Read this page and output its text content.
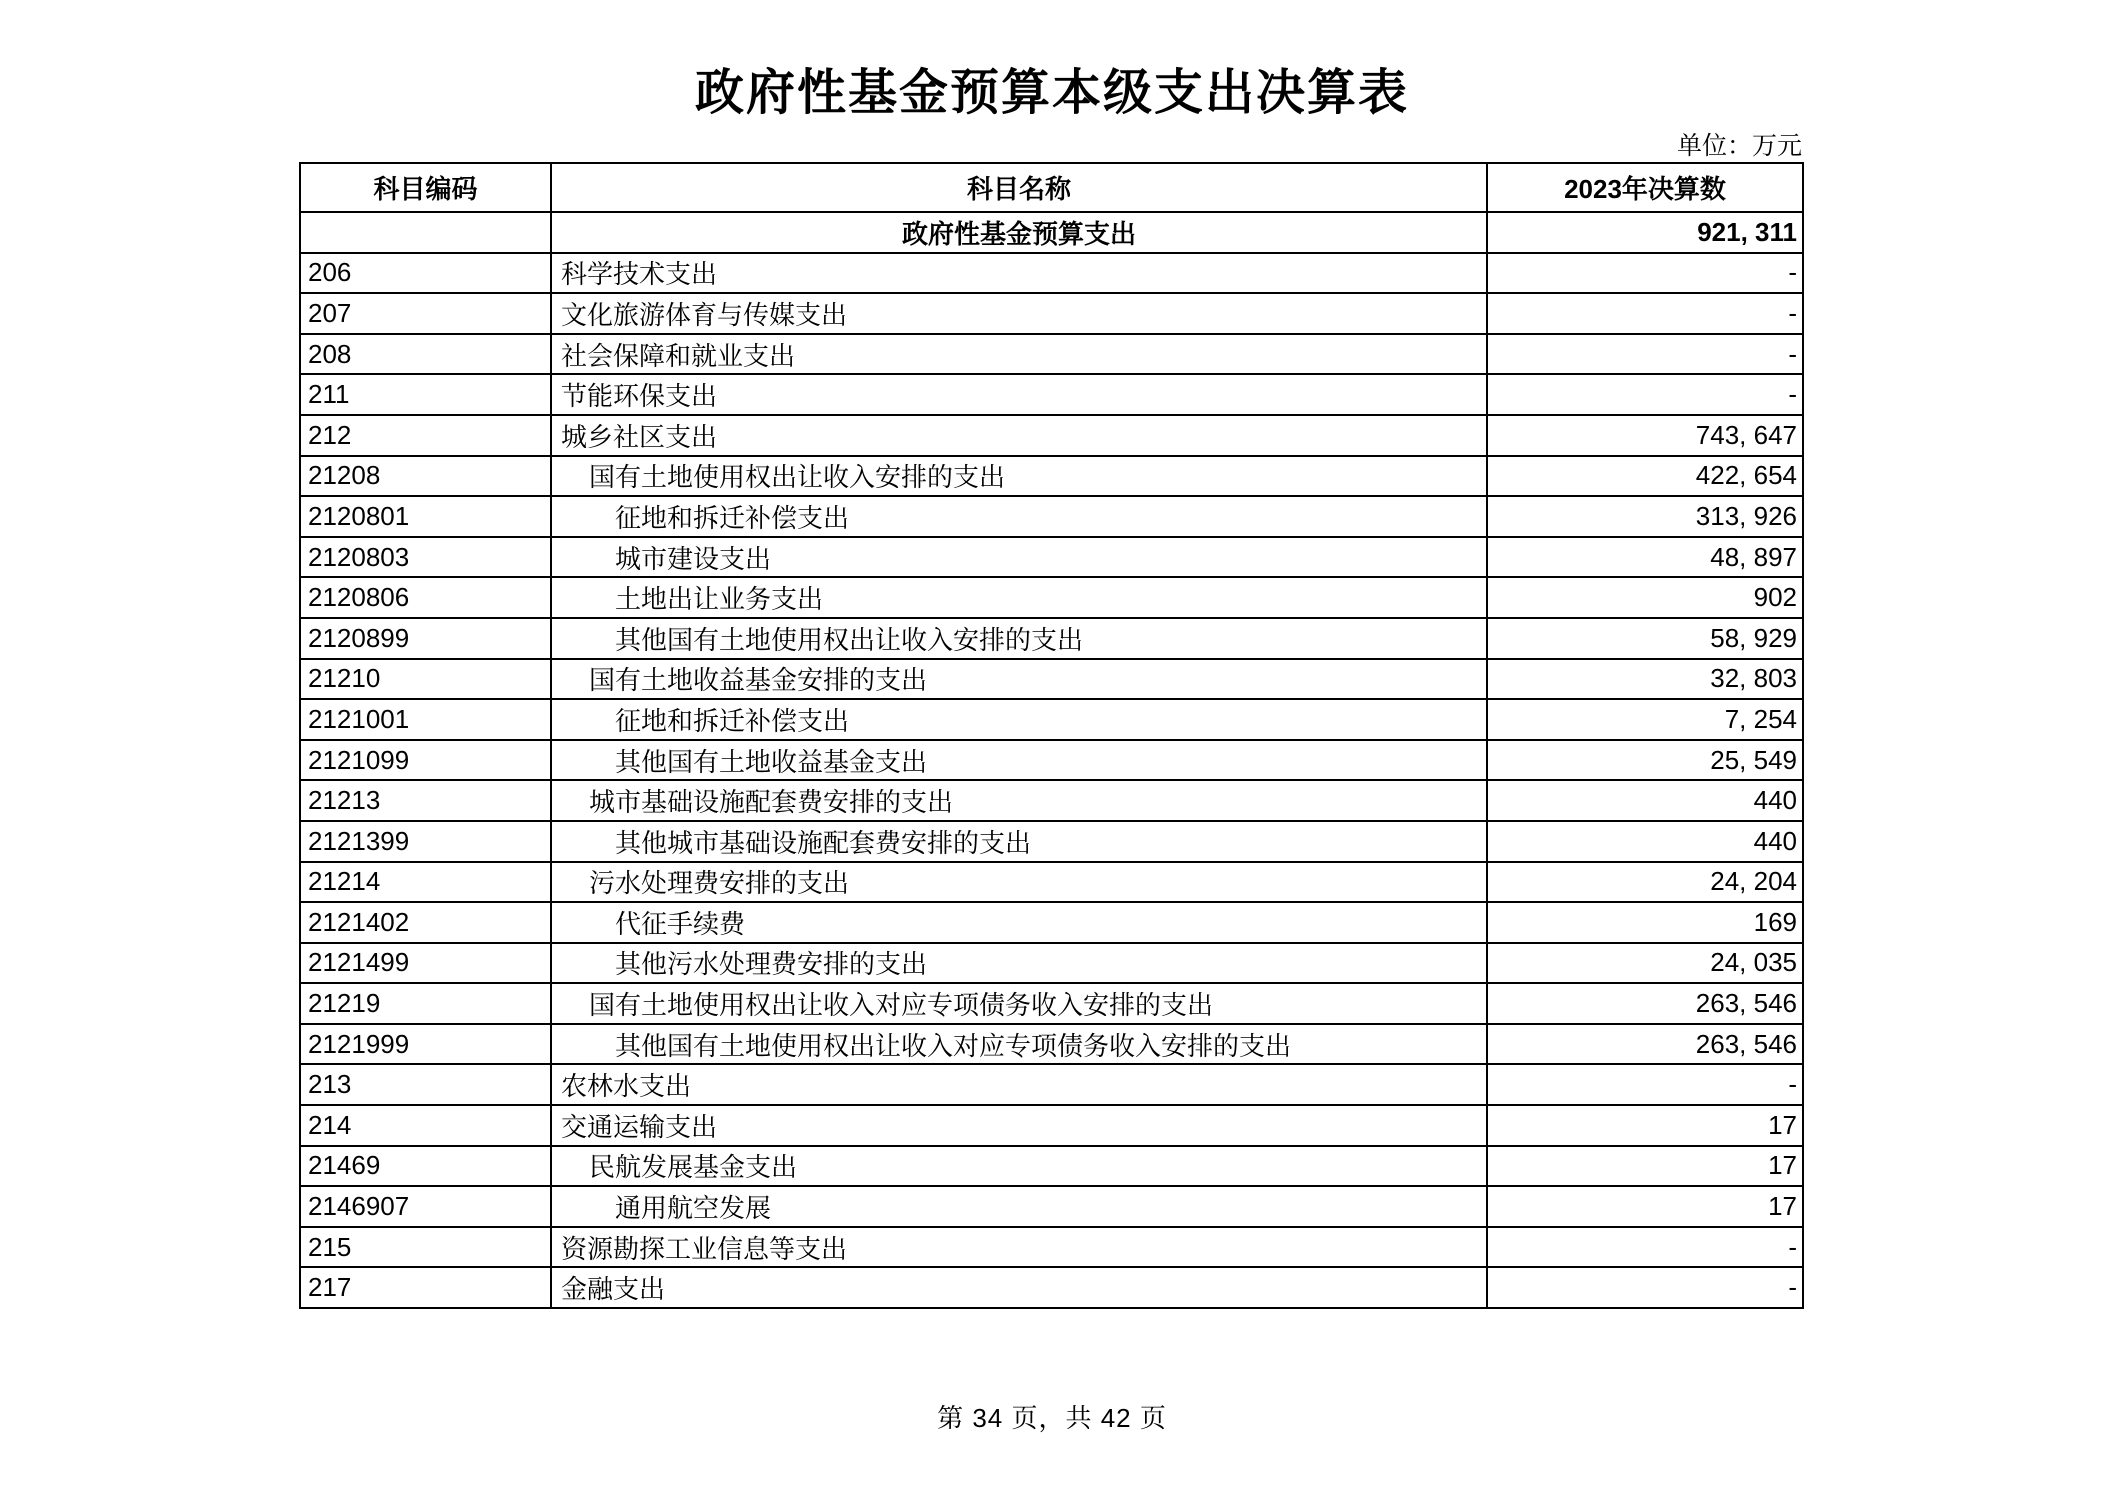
政府性基金预算本级支出决算表
单位：万元
科目编码	科目名称	2023年决算数
	政府性基金预算支出	921, 311
206	科学技术支出	-
207	文化旅游体育与传媒支出	-
208	社会保障和就业支出	-
211	节能环保支出	-
212	城乡社区支出	743, 647
21208	国有土地使用权出让收入安排的支出	422, 654
2120801	征地和拆迁补偿支出	313, 926
2120803	城市建设支出	48, 897
2120806	土地出让业务支出	902
2120899	其他国有土地使用权出让收入安排的支出	58, 929
21210	国有土地收益基金安排的支出	32, 803
2121001	征地和拆迁补偿支出	7, 254
2121099	其他国有土地收益基金支出	25, 549
21213	城市基础设施配套费安排的支出	440
2121399	其他城市基础设施配套费安排的支出	440
21214	污水处理费安排的支出	24, 204
2121402	代征手续费	169
2121499	其他污水处理费安排的支出	24, 035
21219	国有土地使用权出让收入对应专项债务收入安排的支出	263, 546
2121999	其他国有土地使用权出让收入对应专项债务收入安排的支出	263, 546
213	农林水支出	-
214	交通运输支出	17
21469	民航发展基金支出	17
2146907	通用航空发展	17
215	资源勘探工业信息等支出	-
217	金融支出	-
第 34 页，共 42 页
